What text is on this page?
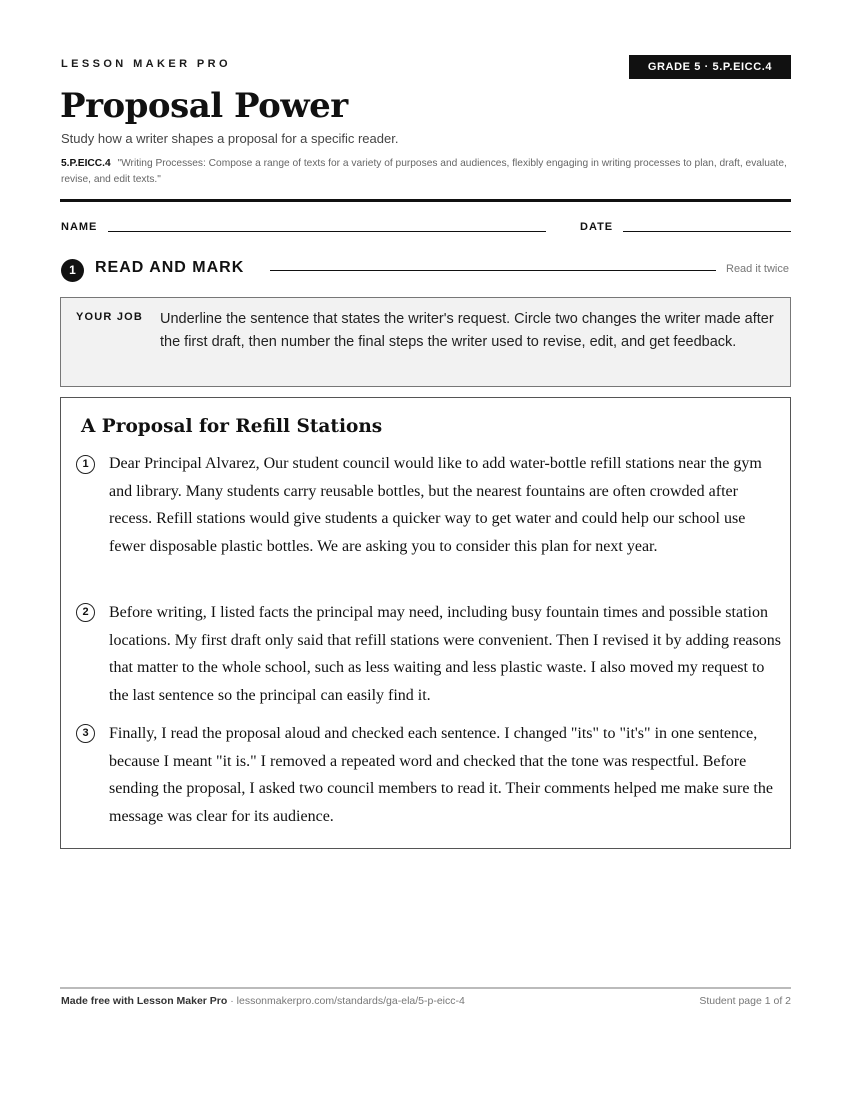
LESSON MAKER PRO	GRADE 5 · 5.P.EICC.4
Proposal Power
Study how a writer shapes a proposal for a specific reader.
5.P.EICC.4 "Writing Processes: Compose a range of texts for a variety of purposes and audiences, flexibly engaging in writing processes to plan, draft, evaluate, revise, and edit texts."
NAME	DATE
1	READ AND MARK	Read it twice
YOUR JOB Underline the sentence that states the writer's request. Circle two changes the writer made after the first draft, then number the final steps the writer used to revise, edit, and get feedback.
A Proposal for Refill Stations
1	Dear Principal Alvarez, Our student council would like to add water-bottle refill stations near the gym and library. Many students carry reusable bottles, but the nearest fountains are often crowded after recess. Refill stations would give students a quicker way to get water and could help our school use fewer disposable plastic bottles. We are asking you to consider this plan for next year.
2	Before writing, I listed facts the principal may need, including busy fountain times and possible station locations. My first draft only said that refill stations were convenient. Then I revised it by adding reasons that matter to the whole school, such as less waiting and less plastic waste. I also moved my request to the last sentence so the principal can easily find it.
3	Finally, I read the proposal aloud and checked each sentence. I changed "its" to "it's" in one sentence, because I meant "it is." I removed a repeated word and checked that the tone was respectful. Before sending the proposal, I asked two council members to read it. Their comments helped me make sure the message was clear for its audience.
Made free with Lesson Maker Pro · lessonmakerpro.com/standards/ga-ela/5-p-eicc-4	Student page 1 of 2
